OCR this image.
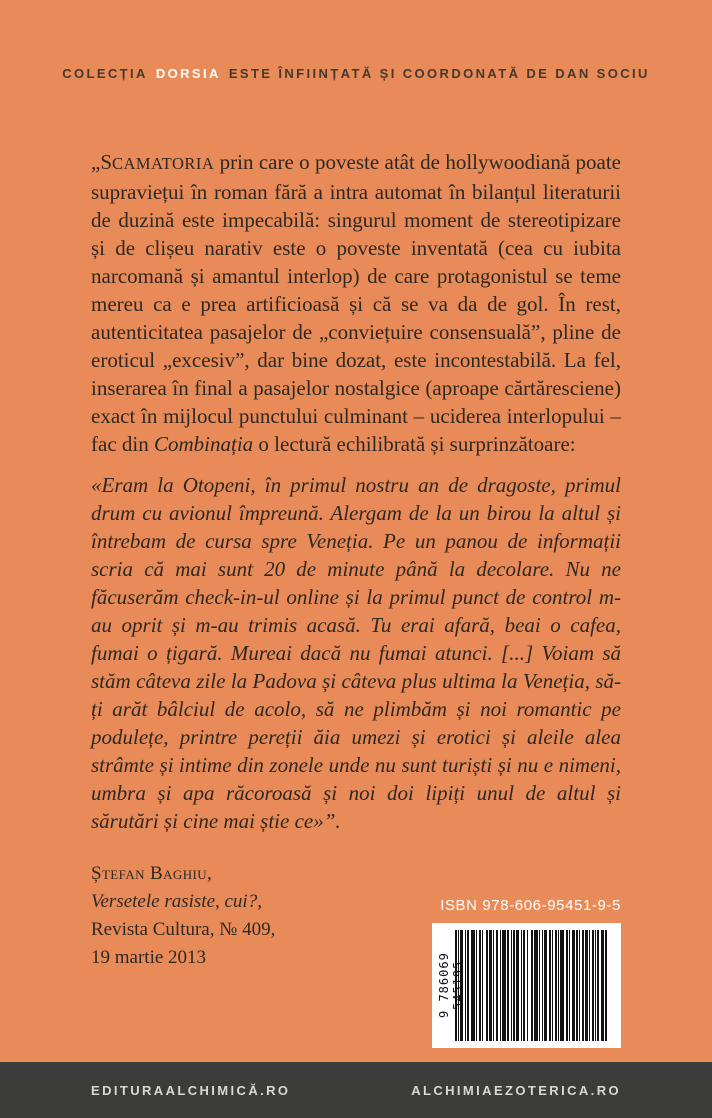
COLECȚIA DORSIA ESTE ÎNFIINȚATĂ ȘI COORDONATĂ DE DAN SOCIU

„SCAMATORIA prin care o poveste atât de hollywoodiană poate supraviețui în roman fără a intra automat în bilanțul literaturii de duzină este impecabilă: singurul moment de stereotipizare și de clișeu narativ este o poveste inventată (cea cu iubita narcomană și amantul interlop) de care protagonistul se teme mereu ca e prea artificioasă și că se va da de gol. În rest, autenticitatea pasajelor de „conviețuire consensuală”, pline de eroticul „excesiv”, dar bine dozat, este incontestabilă. La fel, inserarea în final a pasajelor nostalgice (aproape cărtăresciene) exact în mijlocul punctului culminant – uciderea interlopului – fac din Combinația o lectură echilibrată și surprinzătoare:

«Eram la Otopeni, în primul nostru an de dragoste, primul drum cu avionul împreună. Alergam de la un birou la altul și întrebam de cursa spre Veneția. Pe un panou de informații scria că mai sunt 20 de minute până la decolare. Nu ne făcuserăm check-in-ul online și la primul punct de control m-au oprit și m-au trimis acasă. Tu erai afară, beai o cafea, fumai o țigară. Mureai dacă nu fumai atunci. [...] Voiam să stăm câteva zile la Padova și câteva plus ultima la Veneția, să-ți arăt bâlciul de acolo, să ne plimbăm și noi romantic pe podulețe, printre pereții ăia umezi și erotici și aleile alea strâmte și intime din zonele unde nu sunt turiști și nu e nimeni, umbra și apa răcoroasă și noi doi lipiți unul de altul și sărutări și cine mai știe ce»”.

Ștefan Baghiu,
Versetele rasiste, cui?,
Revista Cultura, № 409,
19 martie 2013
ISBN 978-606-95451-9-5
9 786069 545195
EDITURAALCHIMICĂ.RO	ALCHIMIAEZOTERICA.RO
